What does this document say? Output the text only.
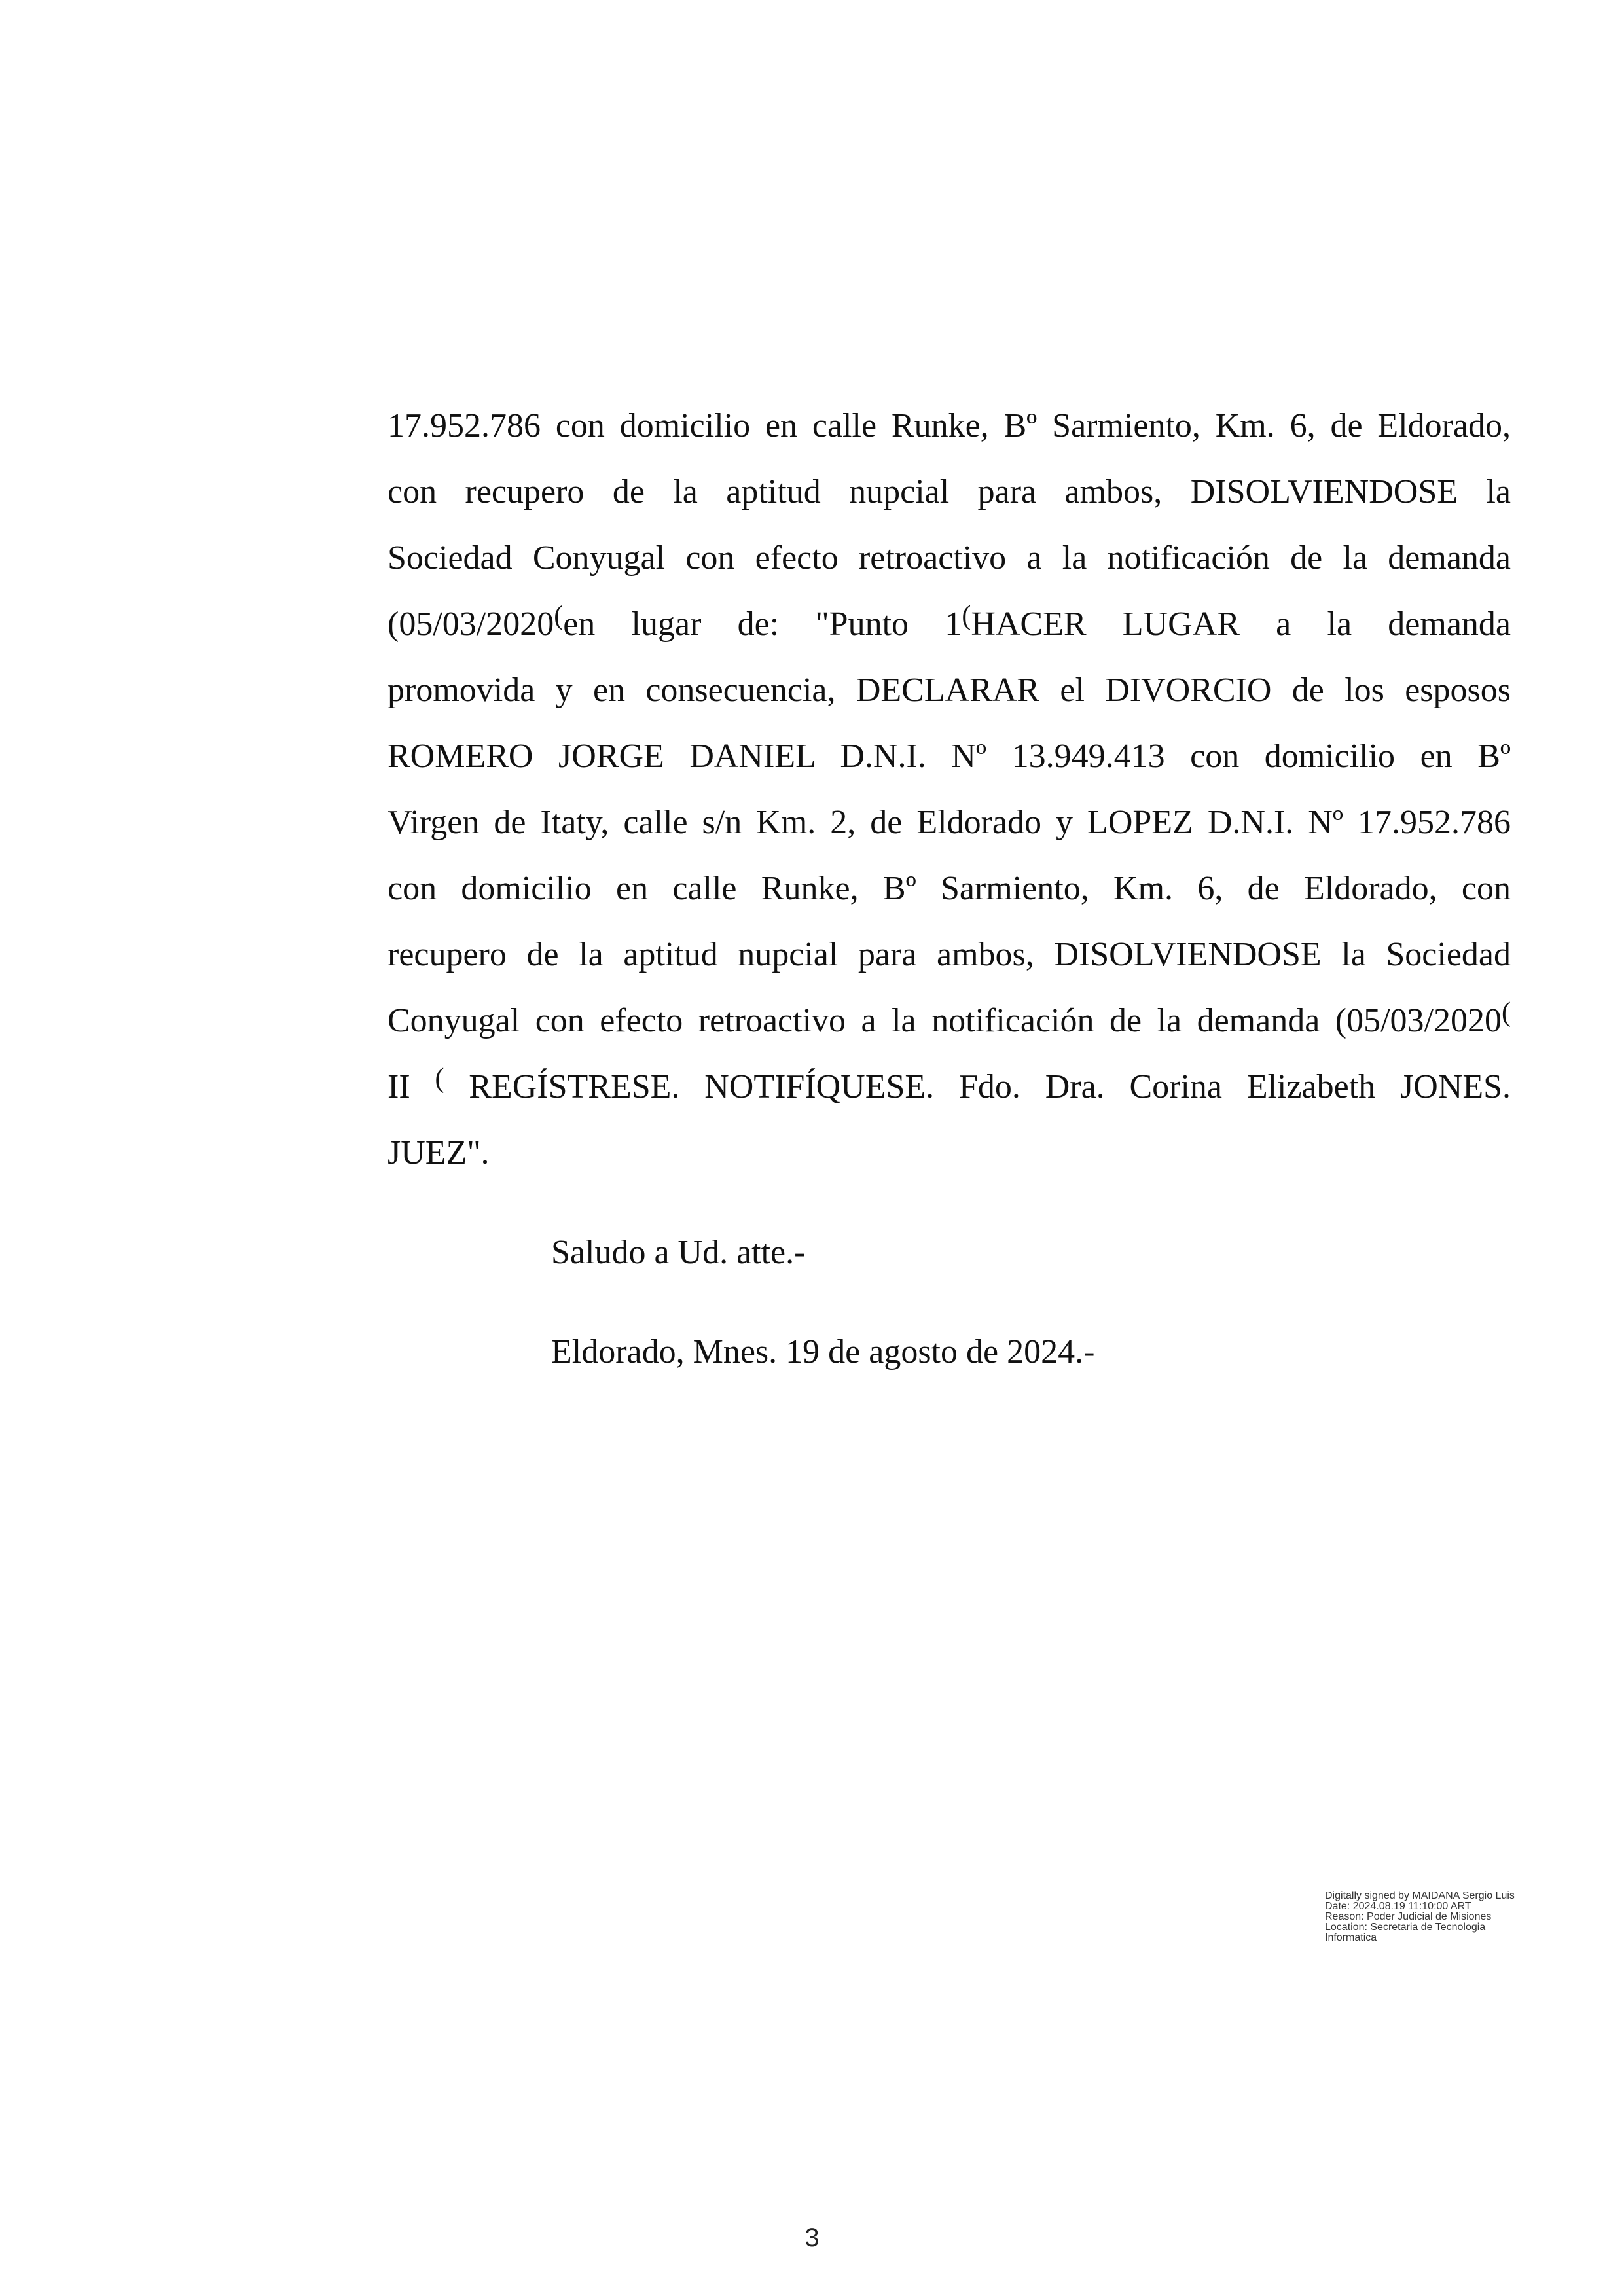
17.952.786 con domicilio en calle Runke, Bº Sarmiento, Km. 6, de Eldorado,
con recupero de la aptitud nupcial para ambos, DISOLVIENDOSE la
Sociedad Conyugal con efecto retroactivo a la notificación de la demanda
(05/03/2020(en lugar de: "Punto 1(HACER LUGAR a la demanda
promovida y en consecuencia, DECLARAR el DIVORCIO de los esposos
ROMERO JORGE DANIEL D.N.I. Nº 13.949.413 con domicilio en Bº
Virgen de Itaty, calle s/n Km. 2, de Eldorado y LOPEZ D.N.I. Nº 17.952.786
con domicilio en calle Runke, Bº Sarmiento, Km. 6, de Eldorado, con
recupero de la aptitud nupcial para ambos, DISOLVIENDOSE la Sociedad
Conyugal con efecto retroactivo a la notificación de la demanda (05/03/2020(
II ( REGÍSTRESE. NOTIFÍQUESE. Fdo. Dra. Corina Elizabeth JONES.
JUEZ".
Saludo a Ud. atte.-
Eldorado, Mnes. 19 de agosto de 2024.-
Digitally signed by MAIDANA Sergio Luis
Date: 2024.08.19 11:10:00 ART
Reason: Poder Judicial de Misiones
Location: Secretaria de Tecnologia
Informatica
3
